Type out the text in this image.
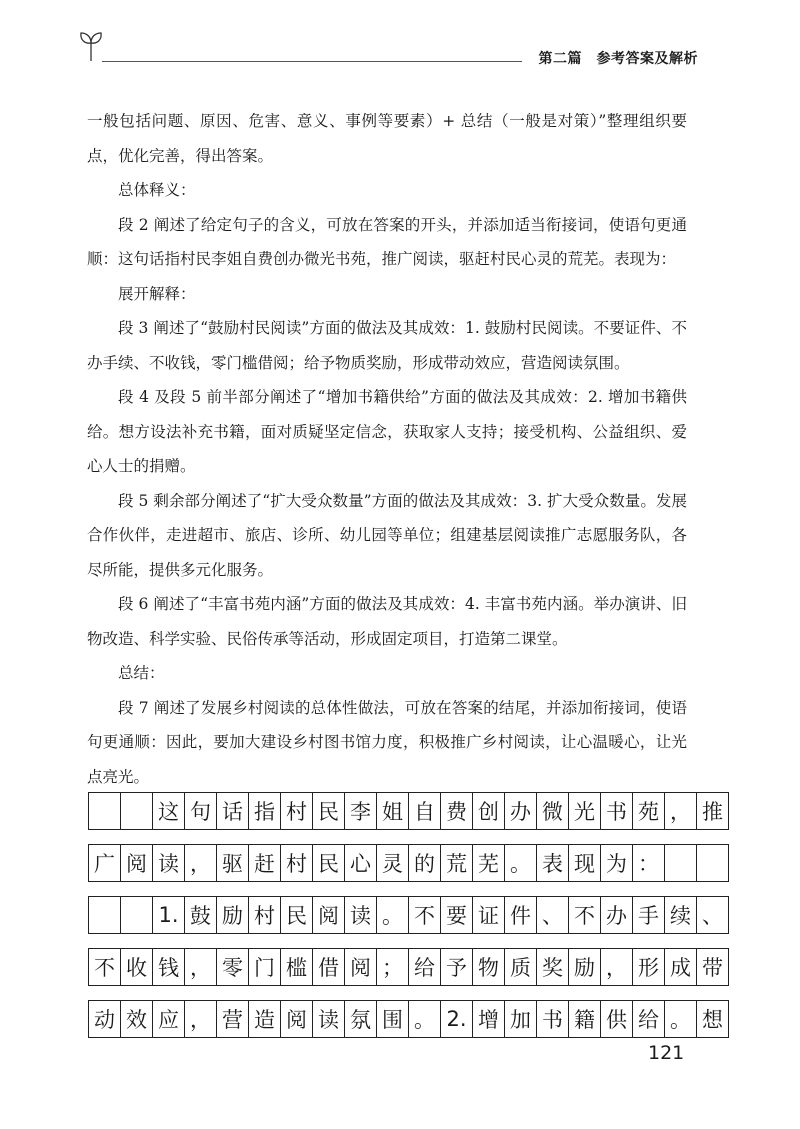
第二篇　参考答案及解析

一般包括问题、原因、危害、意义、事例等要素）+ 总结（一般是对策）”整理组织要点，优化完善，得出答案。

总体释义：

段 2 阐述了给定句子的含义，可放在答案的开头，并添加适当衔接词，使语句更通顺：这句话指村民李姐自费创办微光书苑，推广阅读，驱赶村民心灵的荒芜。表现为：

展开解释：

段 3 阐述了“鼓励村民阅读”方面的做法及其成效：1. 鼓励村民阅读。不要证件、不办手续、不收钱，零门槛借阅；给予物质奖励，形成带动效应，营造阅读氛围。

段 4 及段 5 前半部分阐述了“增加书籍供给”方面的做法及其成效：2. 增加书籍供给。想方设法补充书籍，面对质疑坚定信念，获取家人支持；接受机构、公益组织、爱心人士的捐赠。

段 5 剩余部分阐述了“扩大受众数量”方面的做法及其成效：3. 扩大受众数量。发展合作伙伴，走进超市、旅店、诊所、幼儿园等单位；组建基层阅读推广志愿服务队，各尽所能，提供多元化服务。

段 6 阐述了“丰富书苑内涵”方面的做法及其成效：4. 丰富书苑内涵。举办演讲、旧物改造、科学实验、民俗传承等活动，形成固定项目，打造第二课堂。

总结：

段 7 阐述了发展乡村阅读的总体性做法，可放在答案的结尾，并添加衔接词，使语句更通顺：因此，要加大建设乡村图书馆力度，积极推广乡村阅读，让心温暖心，让光点亮光。

这 句 话 指 村 民 李 姐 自 费 创 办 微 光 书 苑 ， 推
广 阅 读 ， 驱 赶 村 民 心 灵 的 荒 芜 。 表 现 为 ：
1. 鼓 励 村 民 阅 读 。 不 要 证 件 、 不 办 手 续 、
不 收 钱 ， 零 门 槛 借 阅 ； 给 予 物 质 奖 励 ， 形 成 带
动 效 应 ， 营 造 阅 读 氛 围 。 2. 增 加 书 籍 供 给 。 想
121
